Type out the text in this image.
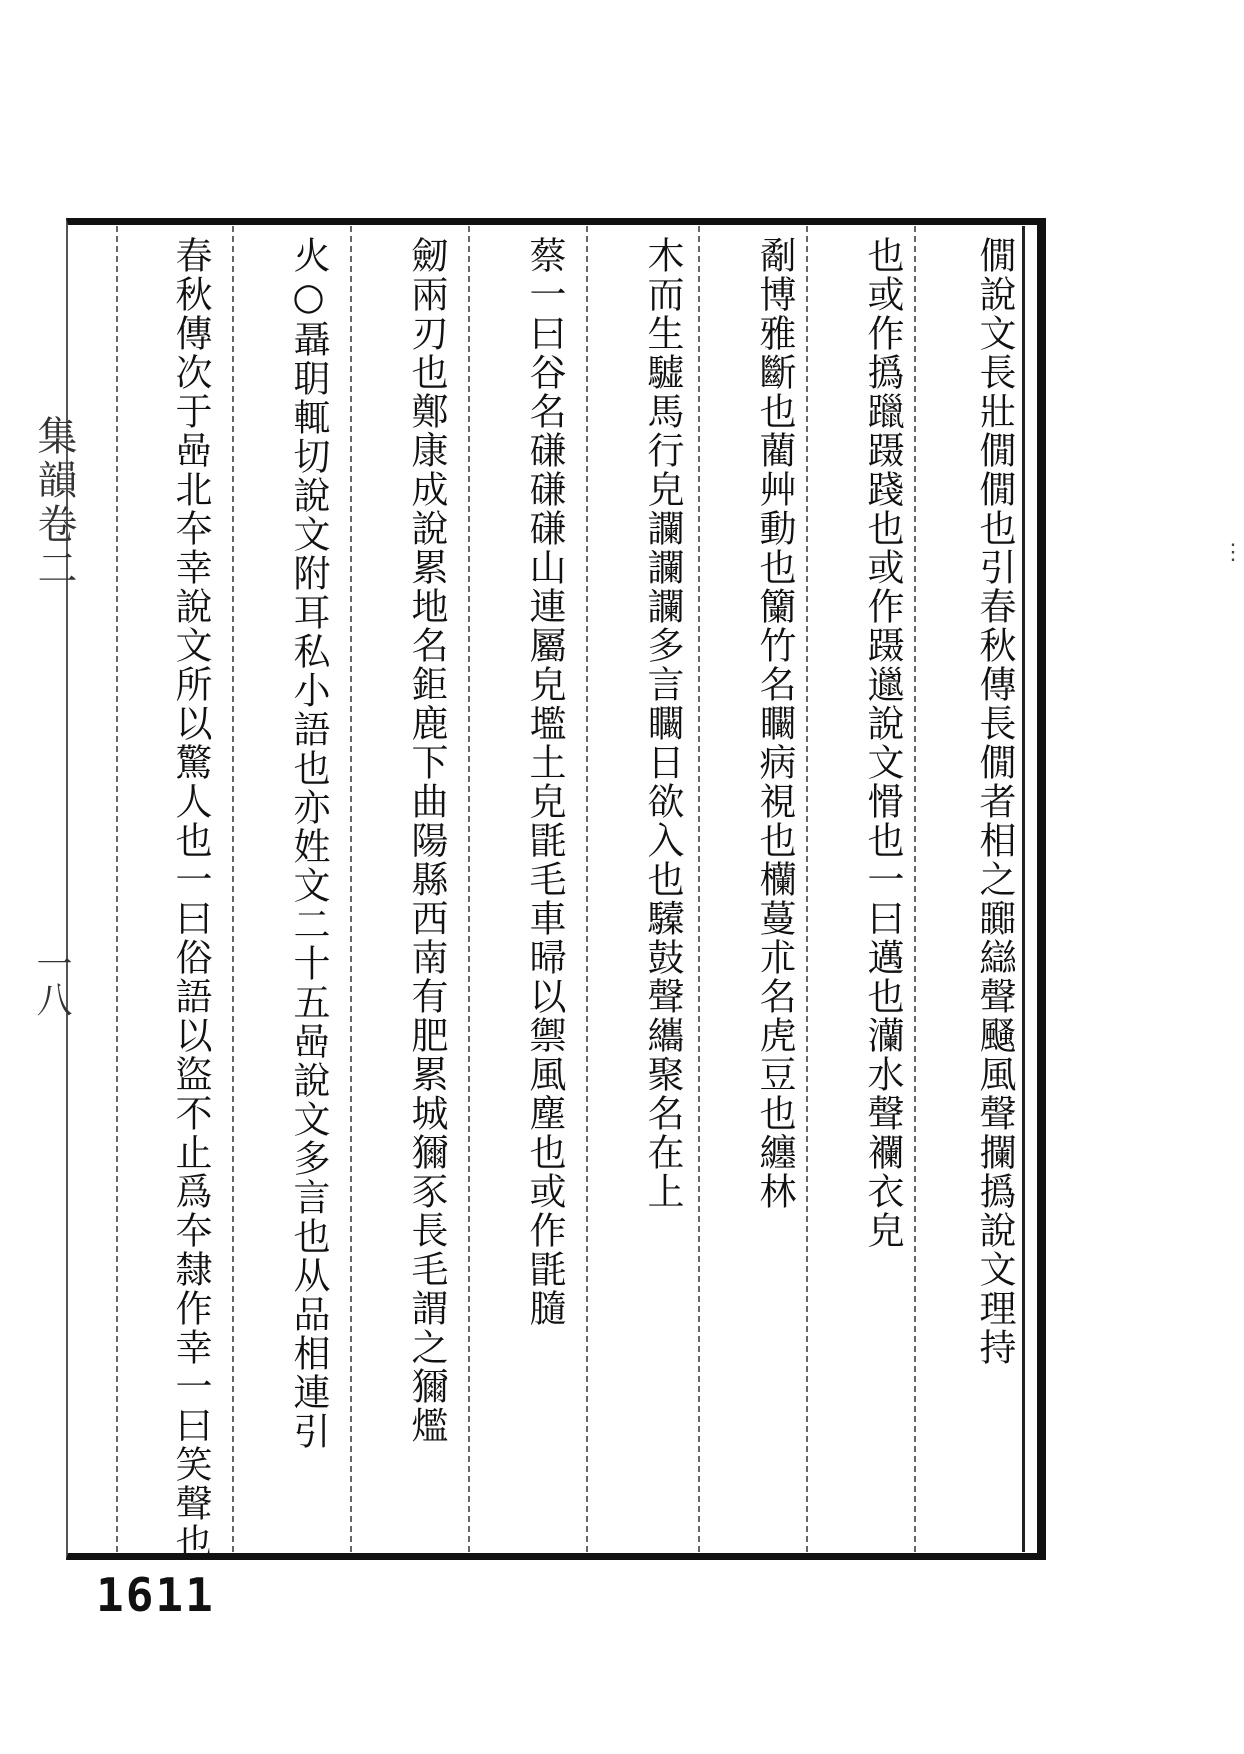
僩說文長壯僩僩也引春秋傳長僩者相之嚻䜌聲颾風聲攔撝說文理持
也或作撝躐蹑踐也或作蹑邋說文愲也一曰邁也灡水聲襴衣皃
劀博雅斷也藺艸動也籣竹名矙病視也欗蔓朮名虎豆也纏林
木而生驉馬行皃讕讕讕多言矙日欲入也驝鼓聲纗聚名在上
蔡一曰谷名磏磏磏山連屬皃壏土皃毷毛車㫶以禦風塵也或作毷膸
劒兩刃也鄭康成說累地名鉅鹿下曲陽縣西南有肥累城獮豕長毛謂之獮爁
火○聶䎳輒切說文附耳私小語也亦姓文二十五喦說文多言也从品相連引
春秋傳次于喦北夲幸說文所以驚人也一曰俗語以盜不止爲夲隸作幸一曰笑聲也
集韻卷二
一八
⋮
1611
